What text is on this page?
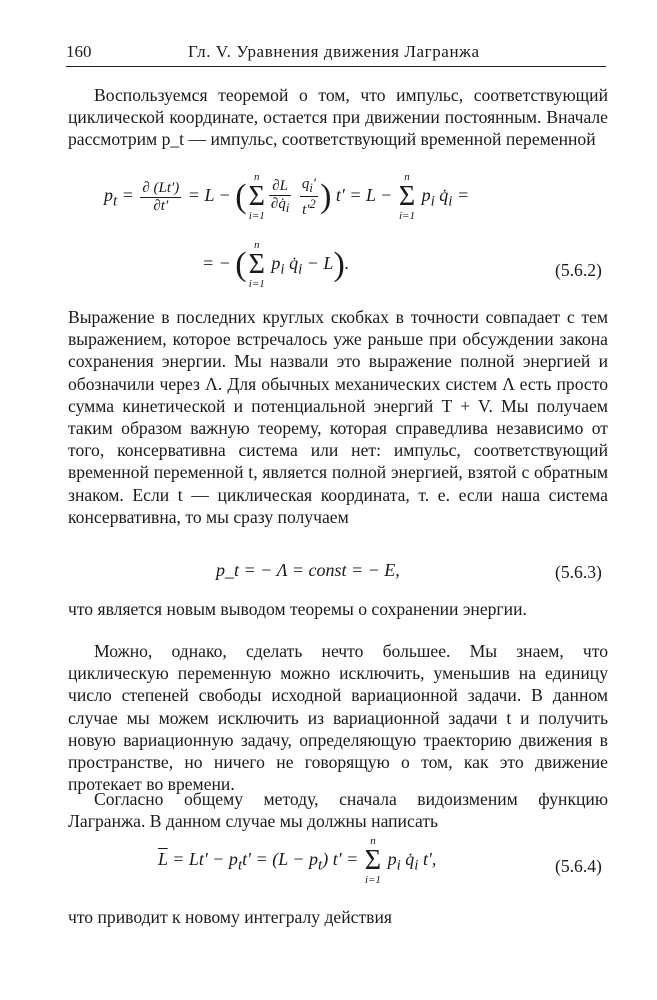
160	Гл. V. Уравнения движения Лагранжа

Воспользуемся теоремой о том, что импульс, соответствующий циклической координате, остается при движении постоянным. Вначале рассмотрим p_t — импульс, соответствующий временной переменной

$p_t = \frac{\partial (Lt')}{\partial t'} = L$ − (
n
Σ
$i=1 \frac{\partial L}{\partial q̇_i}$
$\frac{q_i'}{t'^2}$ ) t′ = L −
n
Σ
i=1
$p_i$ $q̇_i$ =
= − (
n
Σ
i=1
$p_i$ $q̇_i - L$).	(5.6.2)

Выражение в последних круглых скобках в точности совпадает с тем выражением, которое встречалось уже раньше при обсуждении закона сохранения энергии. Мы назвали это выражение полной энергией и обозначили через Λ. Для обычных механических систем Λ есть просто сумма кинетической и потенциальной энергий T + V. Мы получаем таким образом важную теорему, которая справедлива независимо от того, консервативна система или нет: импульс, соответствующий временной переменной t, является полной энергией, взятой с обратным знаком. Если t — циклическая координата, т. е. если наша система консервативна, то мы сразу получаем

p_t = − Λ = const = − E,	(5.6.3)

что является новым выводом теоремы о сохранении энергии.

Можно, однако, сделать нечто большее. Мы знаем, что циклическую переменную можно исключить, уменьшив на единицу число степеней свободы исходной вариационной задачи. В данном случае мы можем исключить из вариационной задачи t и получить новую вариационную задачу, определяющую траекторию движения в пространстве, но ничего не говорящую о том, как это движение протекает во времени.

Согласно общему методу, сначала видоизменим функцию Лагранжа. В данном случае мы должны написать

$\overline{L} = Lt' - p_tt' = (L - p_t) t'$ =
n
Σ
i=1
$p_i$ $q̇_i$ t′,	(5.6.4)

что приводит к новому интегралу действия
